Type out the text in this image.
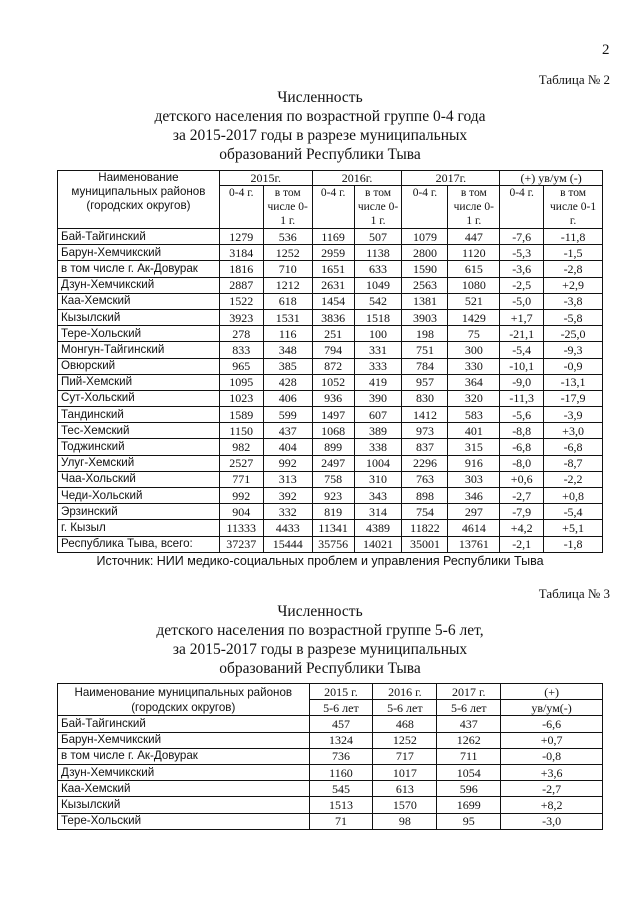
2
Таблица № 2
Численность
детского населения по возрастной группе 0-4 года
за 2015-2017 годы в разрезе муниципальных
образований Республики Тыва
Наименование муниципальных районов (городских округов)	2015г.		2016г.		2017г.		(+) ув/ум (-)	
	0-4 г.	в том числе 0-1 г.	0-4 г.	в том числе 0-1 г.	0-4 г.	в том числе 0-1 г.	0-4 г.	в том числе 0-1 г.
Бай-Тайгинский	1279	536	1169	507	1079	447	-7,6	-11,8
Барун-Хемчикский	3184	1252	2959	1138	2800	1120	-5,3	-1,5
в том числе г. Ак-Довурак	1816	710	1651	633	1590	615	-3,6	-2,8
Дзун-Хемчикский	2887	1212	2631	1049	2563	1080	-2,5	+2,9
Каа-Хемский	1522	618	1454	542	1381	521	-5,0	-3,8
Кызылский	3923	1531	3836	1518	3903	1429	+1,7	-5,8
Тере-Хольский	278	116	251	100	198	75	-21,1	-25,0
Монгун-Тайгинский	833	348	794	331	751	300	-5,4	-9,3
Овюрский	965	385	872	333	784	330	-10,1	-0,9
Пий-Хемский	1095	428	1052	419	957	364	-9,0	-13,1
Сут-Хольский	1023	406	936	390	830	320	-11,3	-17,9
Тандинский	1589	599	1497	607	1412	583	-5,6	-3,9
Тес-Хемский	1150	437	1068	389	973	401	-8,8	+3,0
Тоджинский	982	404	899	338	837	315	-6,8	-6,8
Улуг-Хемский	2527	992	2497	1004	2296	916	-8,0	-8,7
Чаа-Хольский	771	313	758	310	763	303	+0,6	-2,2
Чеди-Хольский	992	392	923	343	898	346	-2,7	+0,8
Эрзинский	904	332	819	314	754	297	-7,9	-5,4
г. Кызыл	11333	4433	11341	4389	11822	4614	+4,2	+5,1
Республика Тыва, всего:	37237	15444	35756	14021	35001	13761	-2,1	-1,8
Источник: НИИ медико-социальных проблем и управления Республики Тыва
Таблица № 3
Численность
детского населения по возрастной группе 5-6 лет,
за 2015-2017 годы в разрезе муниципальных
образований Республики Тыва
Наименование муниципальных районов (городских округов)	2015 г.	2016 г.	2017 г.	(+)
	5-6 лет	5-6 лет	5-6 лет	ув/ум(-)
Бай-Тайгинский	457	468	437	-6,6
Барун-Хемчикский	1324	1252	1262	+0,7
в том числе г. Ак-Довурак	736	717	711	-0,8
Дзун-Хемчикский	1160	1017	1054	+3,6
Каа-Хемский	545	613	596	-2,7
Кызылский	1513	1570	1699	+8,2
Тере-Хольский	71	98	95	-3,0
